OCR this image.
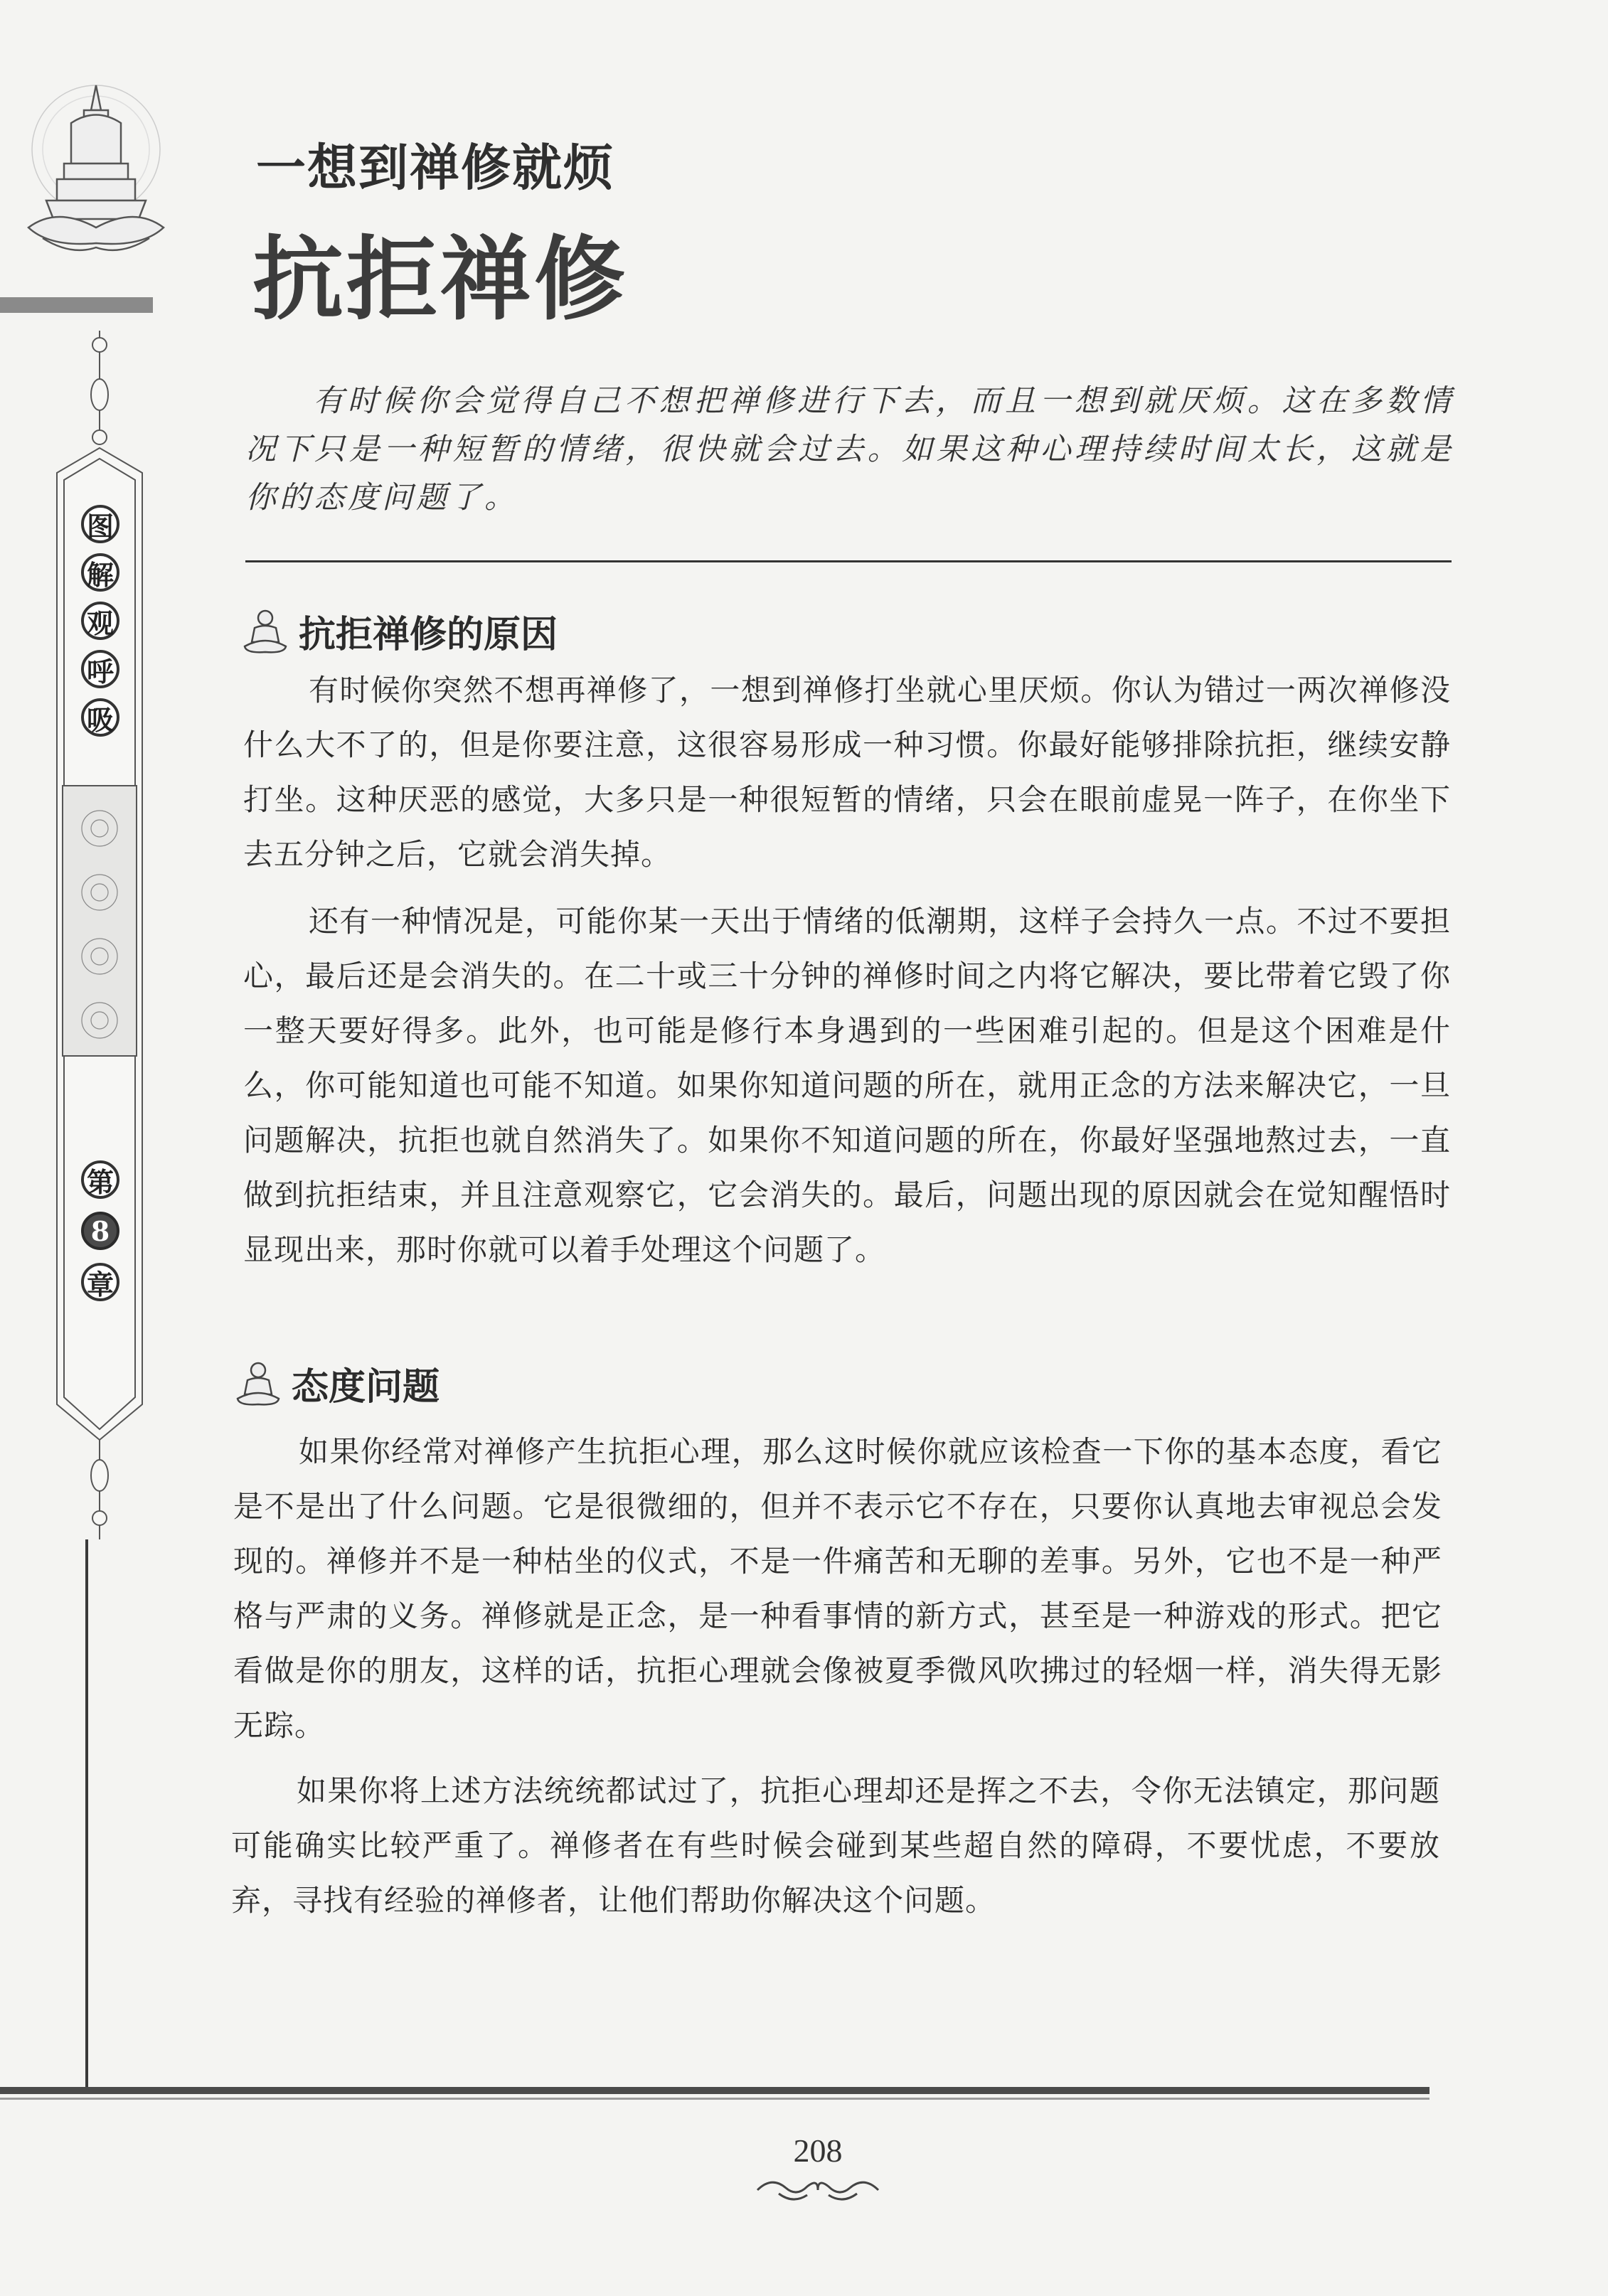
图
解
观
呼
吸
第
8
章
一想到禅修就烦
抗拒禅修

有时候你会觉得自己不想把禅修进行下去，而且一想到就厌烦。这在多数情况下只是一种短暂的情绪，很快就会过去。如果这种心理持续时间太长，这就是你的态度问题了。

抗拒禅修的原因

有时候你突然不想再禅修了，一想到禅修打坐就心里厌烦。你认为错过一两次禅修没什么大不了的，但是你要注意，这很容易形成一种习惯。你最好能够排除抗拒，继续安静打坐。这种厌恶的感觉，大多只是一种很短暂的情绪，只会在眼前虚晃一阵子，在你坐下去五分钟之后，它就会消失掉。

还有一种情况是，可能你某一天出于情绪的低潮期，这样子会持久一点。不过不要担心，最后还是会消失的。在二十或三十分钟的禅修时间之内将它解决，要比带着它毁了你一整天要好得多。此外，也可能是修行本身遇到的一些困难引起的。但是这个困难是什么，你可能知道也可能不知道。如果你知道问题的所在，就用正念的方法来解决它，一旦问题解决，抗拒也就自然消失了。如果你不知道问题的所在，你最好坚强地熬过去，一直做到抗拒结束，并且注意观察它，它会消失的。最后，问题出现的原因就会在觉知醒悟时显现出来，那时你就可以着手处理这个问题了。

态度问题

如果你经常对禅修产生抗拒心理，那么这时候你就应该检查一下你的基本态度，看它是不是出了什么问题。它是很微细的，但并不表示它不存在，只要你认真地去审视总会发现的。禅修并不是一种枯坐的仪式，不是一件痛苦和无聊的差事。另外，它也不是一种严格与严肃的义务。禅修就是正念，是一种看事情的新方式，甚至是一种游戏的形式。把它看做是你的朋友，这样的话，抗拒心理就会像被夏季微风吹拂过的轻烟一样，消失得无影无踪。

如果你将上述方法统统都试过了，抗拒心理却还是挥之不去，令你无法镇定，那问题可能确实比较严重了。禅修者在有些时候会碰到某些超自然的障碍，不要忧虑，不要放弃，寻找有经验的禅修者，让他们帮助你解决这个问题。

208
